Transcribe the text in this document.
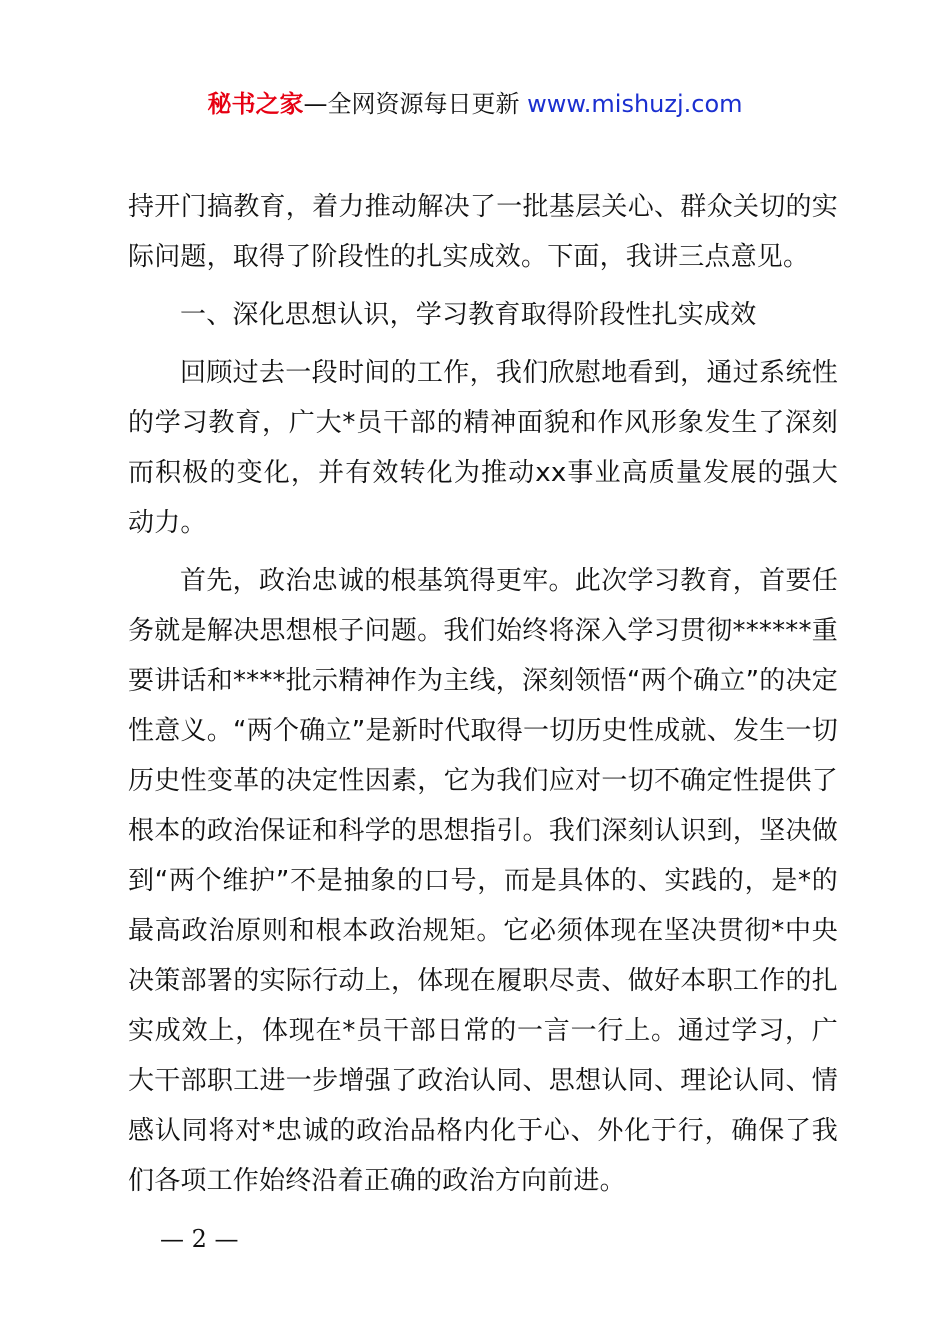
秘书之家—全网资源每日更新 www.mishuzj.com

持开门搞教育，着力推动解决了一批基层关心、群众关切的实际问题，取得了阶段性的扎实成效。下面，我讲三点意见。

一、深化思想认识，学习教育取得阶段性扎实成效

回顾过去一段时间的工作，我们欣慰地看到，通过系统性的学习教育，广大*员干部的精神面貌和作风形象发生了深刻而积极的变化，并有效转化为推动xx事业高质量发展的强大动力。

首先，政治忠诚的根基筑得更牢。此次学习教育，首要任务就是解决思想根子问题。我们始终将深入学习贯彻******重要讲话和****批示精神作为主线，深刻领悟“两个确立”的决定性意义。“两个确立”是新时代取得一切历史性成就、发生一切历史性变革的决定性因素，它为我们应对一切不确定性提供了根本的政治保证和科学的思想指引。我们深刻认识到，坚决做到“两个维护”不是抽象的口号，而是具体的、实践的，是*的最高政治原则和根本政治规矩。它必须体现在坚决贯彻*中央决策部署的实际行动上，体现在履职尽责、做好本职工作的扎实成效上，体现在*员干部日常的一言一行上。通过学习，广大干部职工进一步增强了政治认同、思想认同、理论认同、情感认同将对*忠诚的政治品格内化于心、外化于行，确保了我们各项工作始终沿着正确的政治方向前进。

— 2 —
